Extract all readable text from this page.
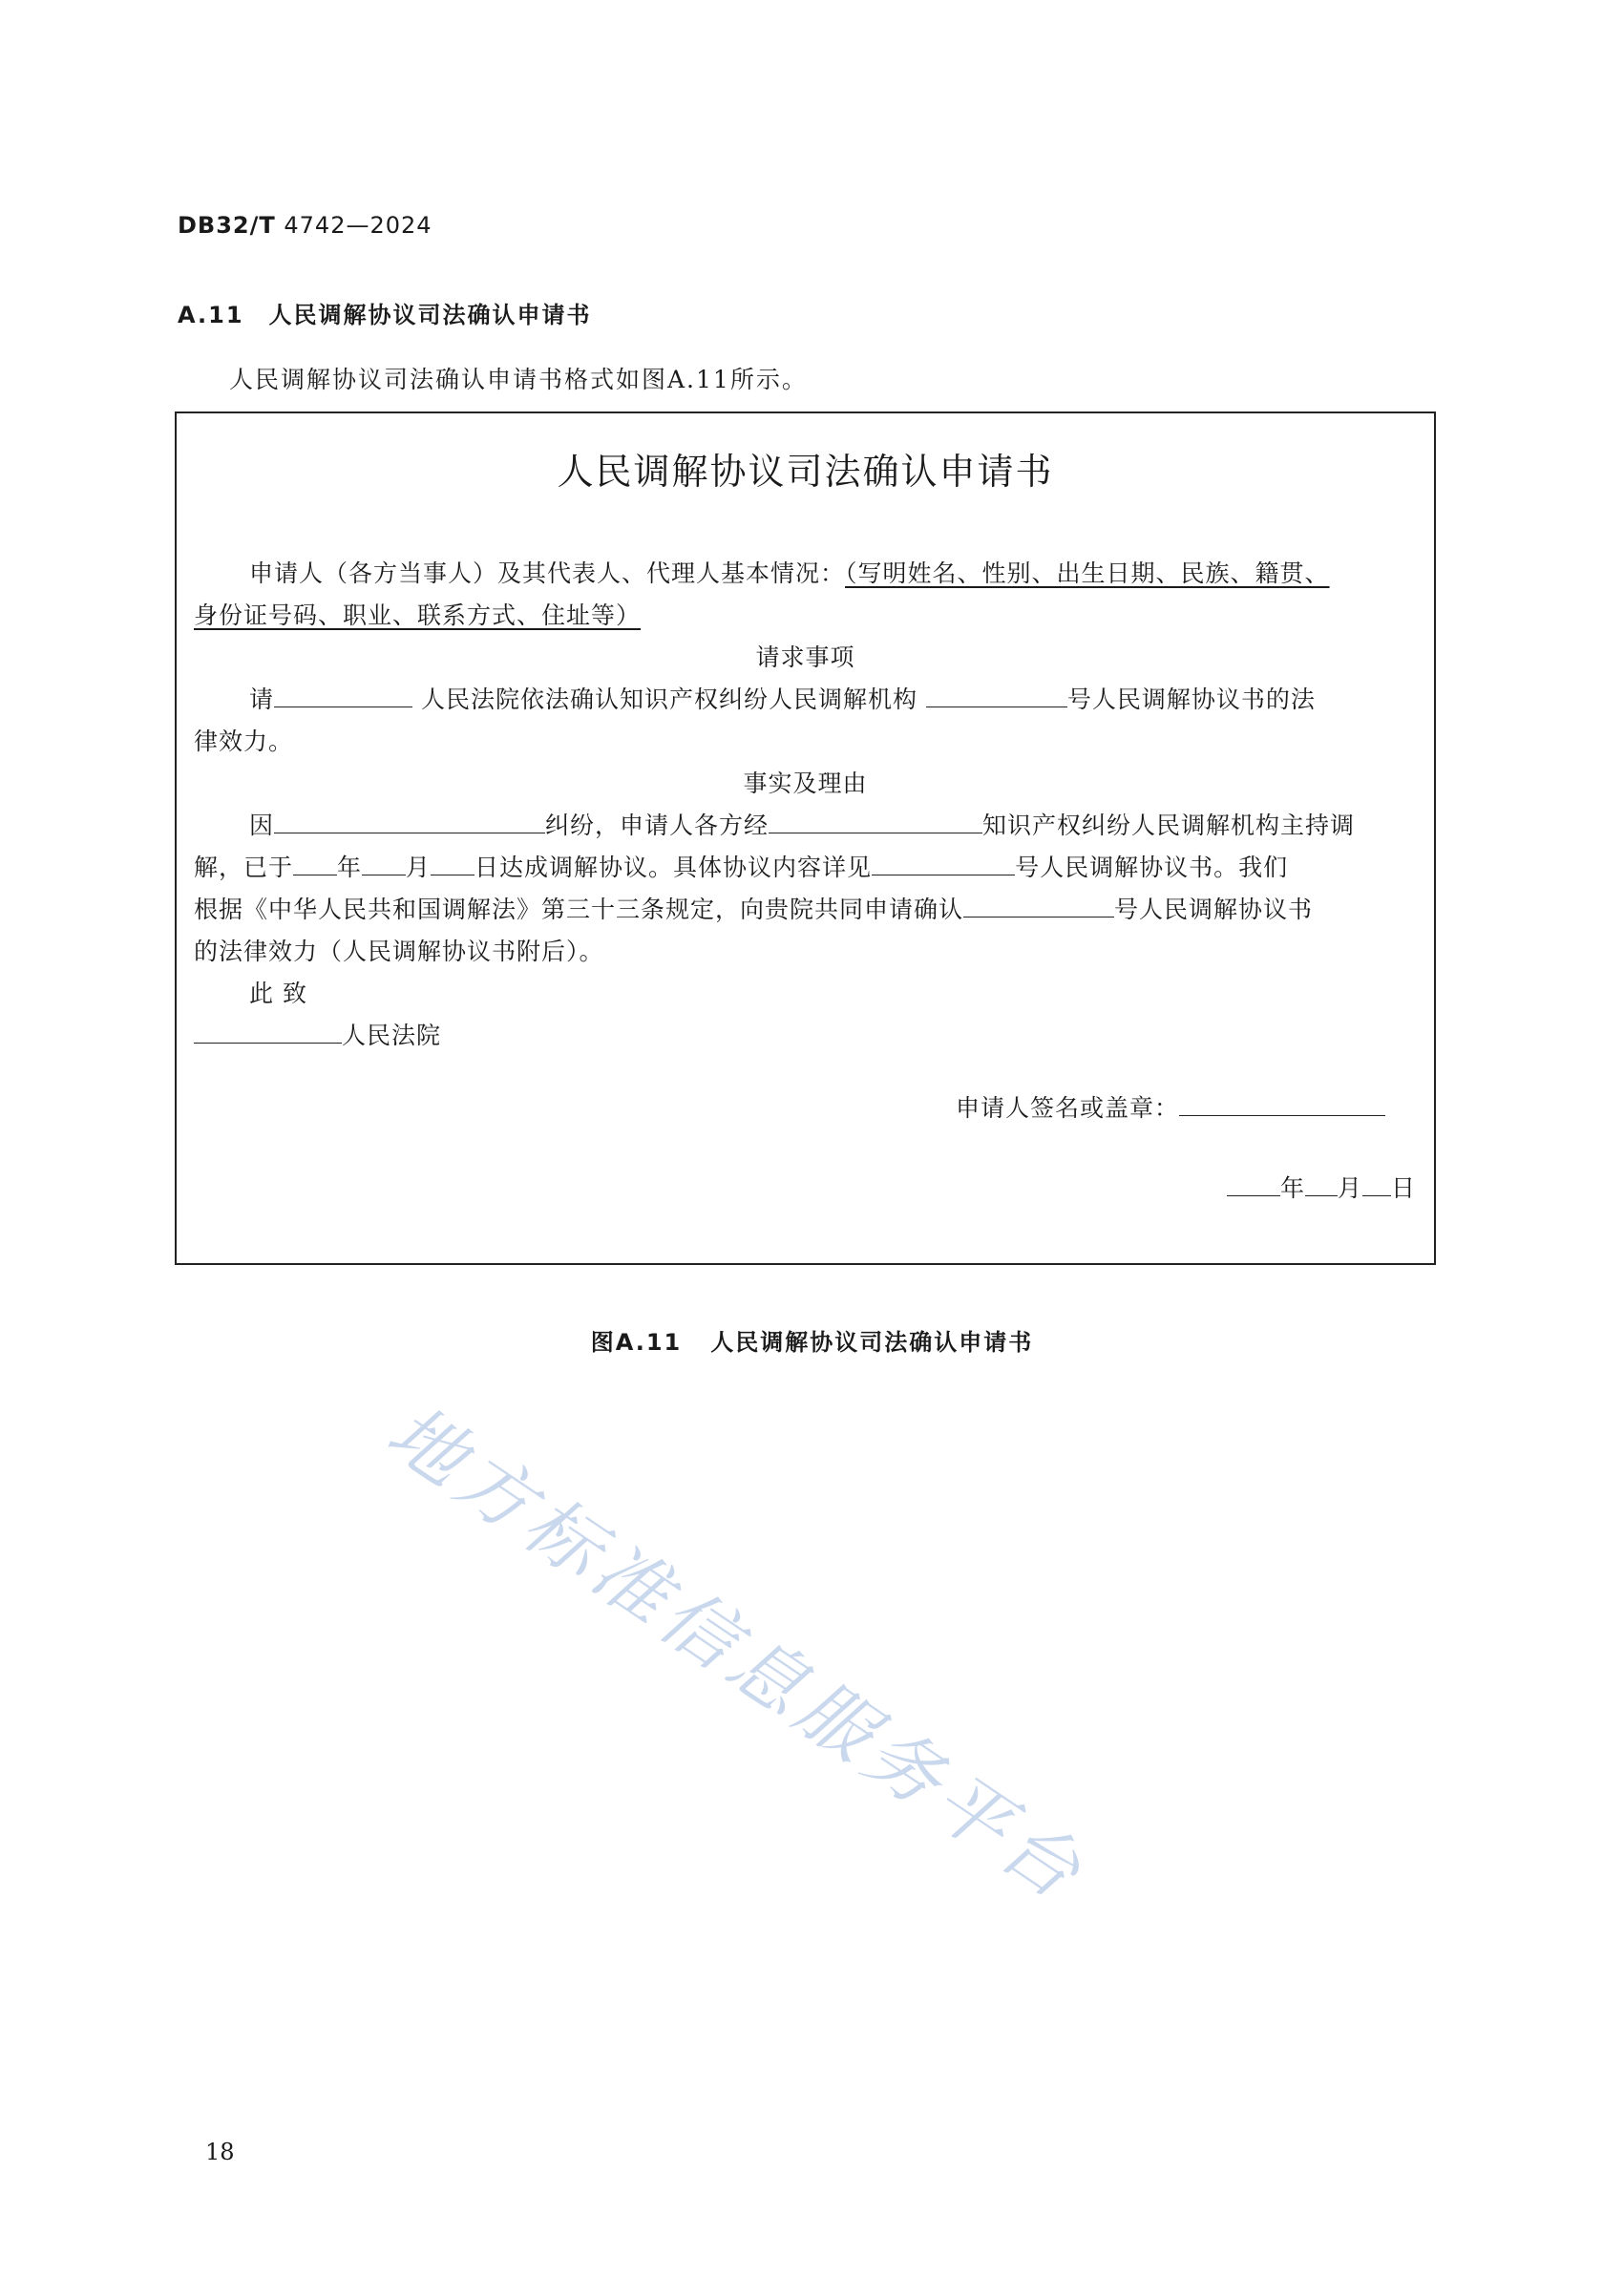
DB32/T 4742—2024
A.11 人民调解协议司法确认申请书
人民调解协议司法确认申请书格式如图A.11所示。
人民调解协议司法确认申请书
申请人（各方当事人）及其代表人、代理人基本情况：（写明姓名、性别、出生日期、民族、籍贯、
身份证号码、职业、联系方式、住址等）
请求事项
请	人民法院依法确认知识产权纠纷人民调解机构	号人民调解协议书的法
律效力。
事实及理由
因	纠纷，申请人各方经	知识产权纠纷人民调解机构主持调
解，已于 年 月 日达成调解协议。具体协议内容详见	号人民调解协议书。我们
根据《中华人民共和国调解法》第三十三条规定，向贵院共同申请确认	号人民调解协议书
的法律效力（人民调解协议书附后）。
此 致
人民法院
申请人签名或盖章：
年 月 日
图A.11 人民调解协议司法确认申请书
地方标准信息服务平台
18
